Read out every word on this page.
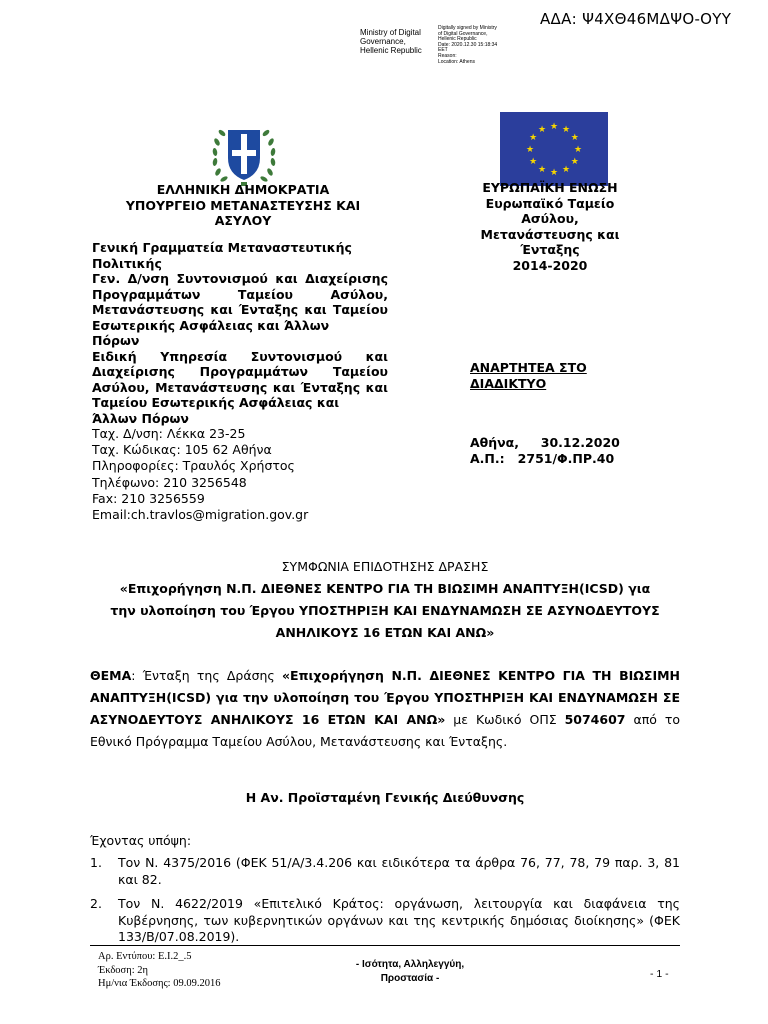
ΑΔΑ: Ψ4ΧΘ46ΜΔΨΟ-ΟΥΥ
Ministry of Digital
Governance,
Hellenic Republic
Digitally signed by Ministry
of Digital Governance,
Hellenic Republic
Date: 2020.12.30 15:18:34
EET
Reason:
Location: Athens
★ ★
★
★
★
★
★
★
★
★
★
★
ΕΛΛΗΝΙΚΗ ΔΗΜΟΚΡΑΤΙΑ
ΥΠΟΥΡΓΕΙΟ ΜΕΤΑΝΑΣΤΕΥΣΗΣ ΚΑΙ
ΑΣΥΛΟΥ
ΕΥΡΩΠΑΪΚΗ ΕΝΩΣΗ
Ευρωπαϊκό Ταμείο
Ασύλου,
Μετανάστευσης και
Ένταξης
2014-2020
Γενική Γραμματεία Μεταναστευτικής
Πολιτικής
Γεν. Δ/νση Συντονισμού και Διαχείρισης Προγραμμάτων Ταμείου Ασύλου, Μετανάστευσης και Ένταξης και Ταμείου Εσωτερικής Ασφάλειας και Άλλων
Πόρων
Ειδική Υπηρεσία Συντονισμού και Διαχείρισης Προγραμμάτων Ταμείου Ασύλου, Μετανάστευσης και Ένταξης και Ταμείου Εσωτερικής Ασφάλειας και
Άλλων Πόρων
Ταχ. Δ/νση: Λέκκα 23-25
Ταχ. Κώδικας: 105 62 Αθήνα
Πληροφορίες: Τραυλός Χρήστος
Τηλέφωνο: 210 3256548
Fax: 210 3256559
Email:ch.travlos@migration.gov.gr
ΑΝΑΡΤΗΤΕΑ ΣΤΟ
ΔΙΑΔΙΚΤΥΟ
Αθήνα,     30.12.2020
Α.Π.:   2751/Φ.ΠΡ.40
ΣΥΜΦΩΝΙΑ ΕΠΙΔΟΤΗΣΗΣ ΔΡΑΣΗΣ
«Επιχορήγηση Ν.Π. ΔΙΕΘΝΕΣ ΚΕΝΤΡΟ ΓΙΑ ΤΗ ΒΙΩΣΙΜΗ ΑΝΑΠΤΥΞΗ(ICSD) για
την υλοποίηση του Έργου ΥΠΟΣΤΗΡΙΞΗ ΚΑΙ ΕΝΔΥΝΑΜΩΣΗ ΣΕ ΑΣΥΝΟΔΕΥΤΟΥΣ
ΑΝΗΛΙΚΟΥΣ 16 ΕΤΩΝ ΚΑΙ ΑΝΩ»
ΘΕΜΑ: Ένταξη της Δράσης «Επιχορήγηση Ν.Π. ΔΙΕΘΝΕΣ ΚΕΝΤΡΟ ΓΙΑ ΤΗ ΒΙΩΣΙΜΗ ΑΝΑΠΤΥΞΗ(ICSD) για την υλοποίηση του Έργου ΥΠΟΣΤΗΡΙΞΗ ΚΑΙ ΕΝΔΥΝΑΜΩΣΗ ΣΕ ΑΣΥΝΟΔΕΥΤΟΥΣ ΑΝΗΛΙΚΟΥΣ 16 ΕΤΩΝ ΚΑΙ ΑΝΩ» με Κωδικό ΟΠΣ 5074607 από το Εθνικό Πρόγραμμα Ταμείου Ασύλου, Μετανάστευσης και Ένταξης.
Η Αν. Προϊσταμένη Γενικής Διεύθυνσης
Έχοντας υπόψη:
1. Τον Ν. 4375/2016 (ΦΕΚ 51/Α/3.4.206 και ειδικότερα τα άρθρα 76, 77, 78, 79 παρ. 3, 81 και 82.
2. Τον Ν. 4622/2019 «Επιτελικό Κράτος: οργάνωση, λειτουργία και διαφάνεια της Κυβέρνησης, των κυβερνητικών οργάνων και της κεντρικής δημόσιας διοίκησης» (ΦΕΚ 133/Β/07.08.2019).
Αρ. Εντύπου: Ε.Ι.2_.5
Έκδοση: 2η
Ημ/νια Έκδοσης: 09.09.2016
- Ισότητα, Αλληλεγγύη,
Προστασία -	- 1 -
